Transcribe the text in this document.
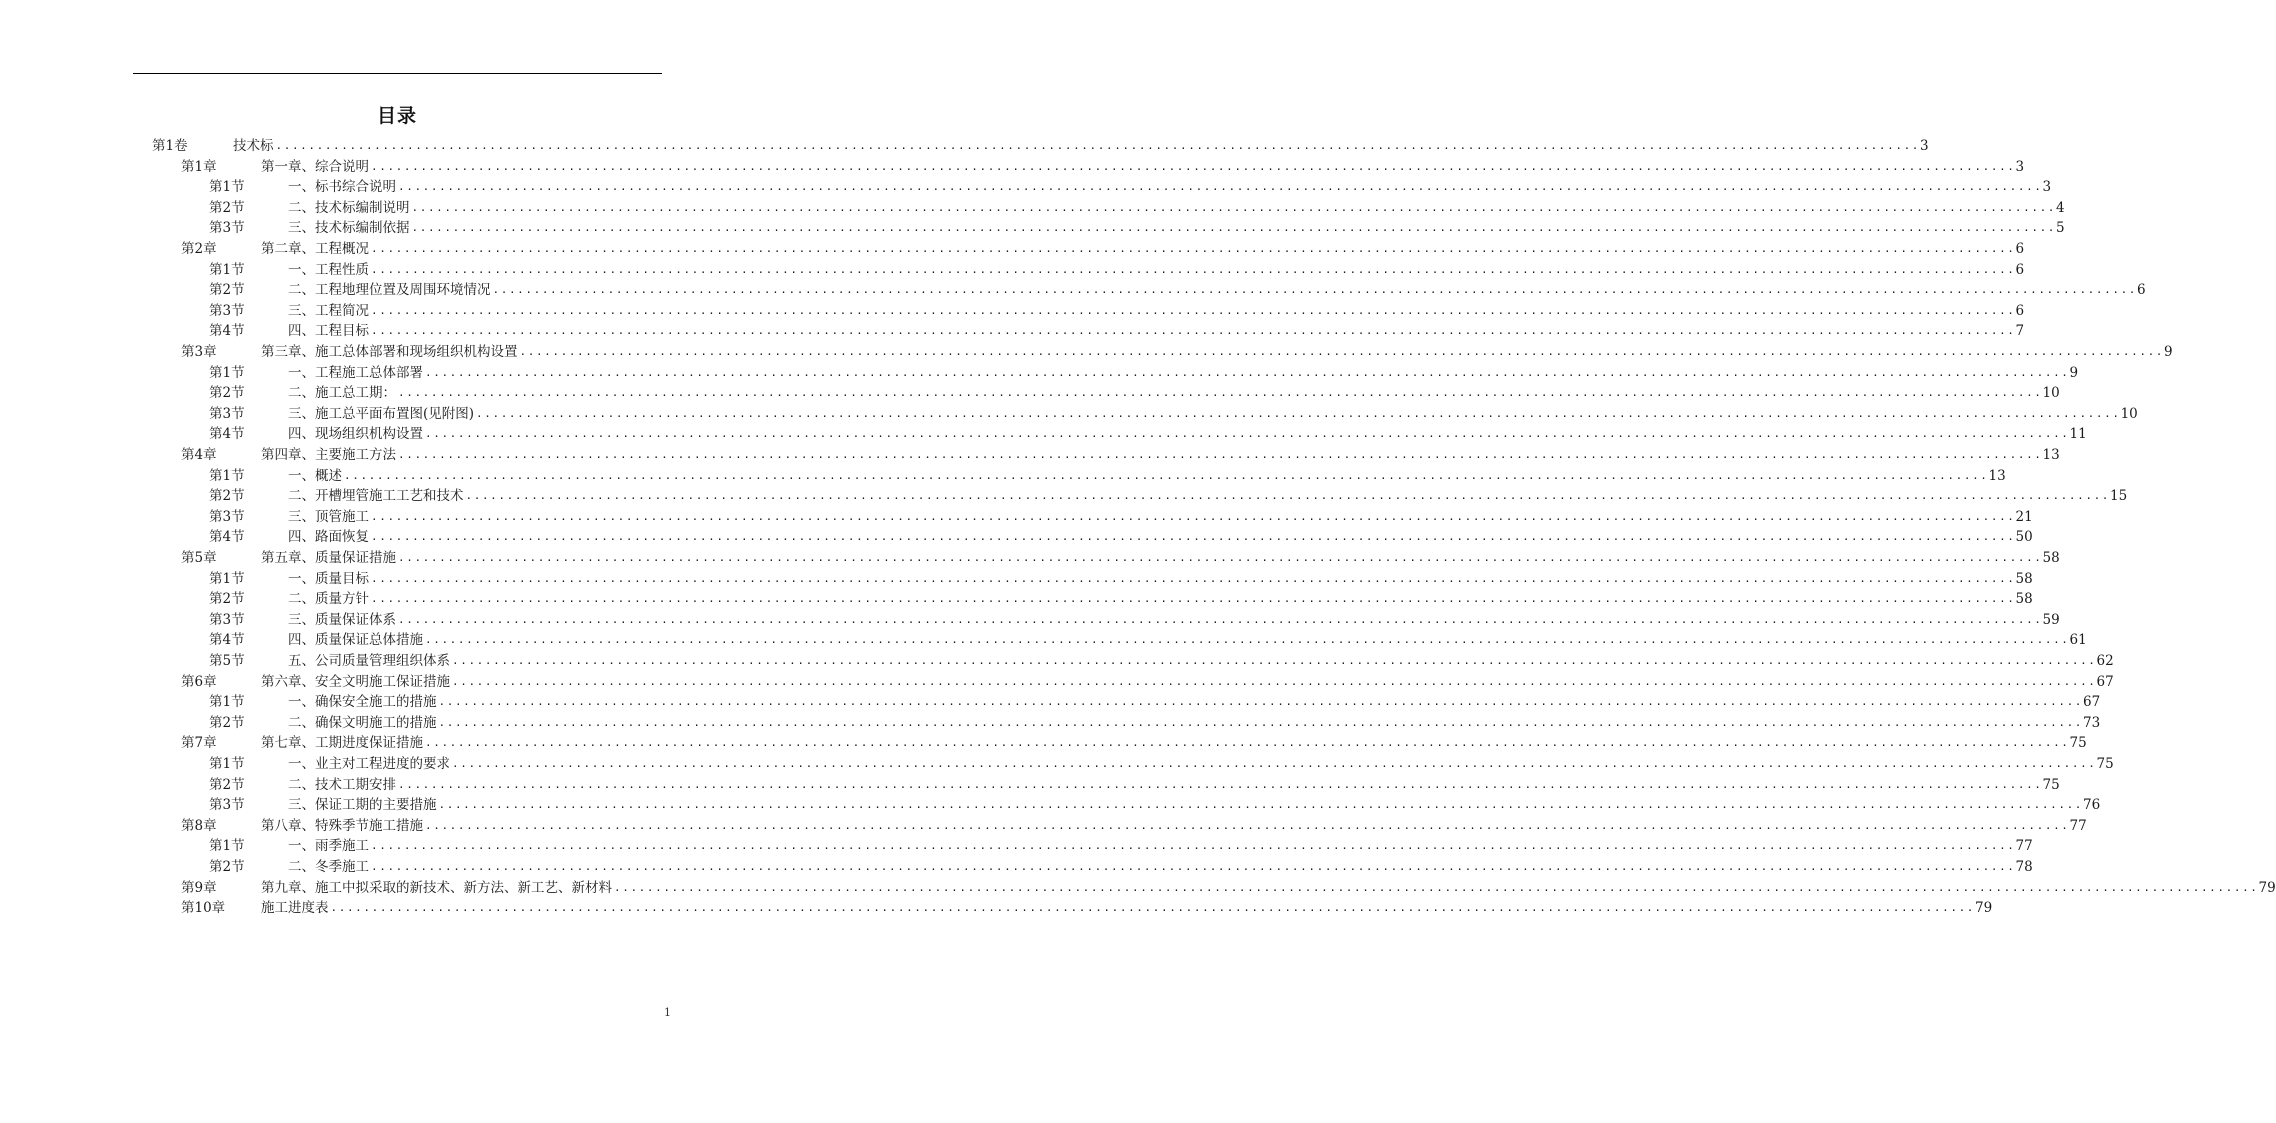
目录
第1卷	技术标 ........................................................................................................................................................................................................ 3
第1章	第一章、综合说明 ........................................................................................................................................................................................................ 3
第1节	一、标书综合说明 ........................................................................................................................................................................................................ 3
第2节	二、技术标编制说明 ........................................................................................................................................................................................................ 4
第3节	三、技术标编制依据 ........................................................................................................................................................................................................ 5
第2章	第二章、工程概况 ........................................................................................................................................................................................................ 6
第1节	一、工程性质 ........................................................................................................................................................................................................ 6
第2节	二、工程地理位置及周围环境情况 ........................................................................................................................................................................................................ 6
第3节	三、工程简况 ........................................................................................................................................................................................................ 6
第4节	四、工程目标 ........................................................................................................................................................................................................ 7
第3章	第三章、施工总体部署和现场组织机构设置 ........................................................................................................................................................................................................ 9
第1节	一、工程施工总体部署 ........................................................................................................................................................................................................ 9
第2节	二、施工总工期： ........................................................................................................................................................................................................ 10
第3节	三、施工总平面布置图(见附图) ........................................................................................................................................................................................................ 10
第4节	四、现场组织机构设置 ........................................................................................................................................................................................................ 11
第4章	第四章、主要施工方法 ........................................................................................................................................................................................................ 13
第1节	一、概述 ........................................................................................................................................................................................................ 13
第2节	二、开槽埋管施工工艺和技术 ........................................................................................................................................................................................................ 15
第3节	三、顶管施工 ........................................................................................................................................................................................................ 21
第4节	四、路面恢复 ........................................................................................................................................................................................................ 50
第5章	第五章、质量保证措施 ........................................................................................................................................................................................................ 58
第1节	一、质量目标 ........................................................................................................................................................................................................ 58
第2节	二、质量方针 ........................................................................................................................................................................................................ 58
第3节	三、质量保证体系 ........................................................................................................................................................................................................ 59
第4节	四、质量保证总体措施 ........................................................................................................................................................................................................ 61
第5节	五、公司质量管理组织体系 ........................................................................................................................................................................................................ 62
第6章	第六章、安全文明施工保证措施 ........................................................................................................................................................................................................ 67
第1节	一、确保安全施工的措施 ........................................................................................................................................................................................................ 67
第2节	二、确保文明施工的措施 ........................................................................................................................................................................................................ 73
第7章	第七章、工期进度保证措施 ........................................................................................................................................................................................................ 75
第1节	一、业主对工程进度的要求 ........................................................................................................................................................................................................ 75
第2节	二、技术工期安排 ........................................................................................................................................................................................................ 75
第3节	三、保证工期的主要措施 ........................................................................................................................................................................................................ 76
第8章	第八章、特殊季节施工措施 ........................................................................................................................................................................................................ 77
第1节	一、雨季施工 ........................................................................................................................................................................................................ 77
第2节	二、冬季施工 ........................................................................................................................................................................................................ 78
第9章	第九章、施工中拟采取的新技术、新方法、新工艺、新材料 ........................................................................................................................................................................................................ 79
第10章	施工进度表 ........................................................................................................................................................................................................ 79
1
